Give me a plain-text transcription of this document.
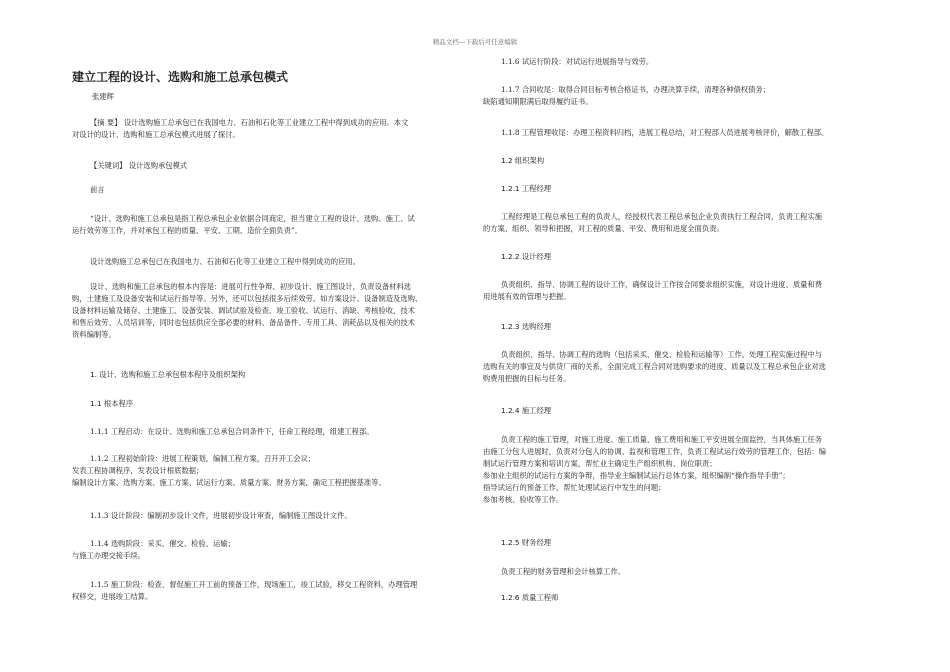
精品文档---下载后可任意编辑
建立工程的设计、选购和施工总承包模式
张建辉
【摘 要】 设计选购施工总承包已在我国电力、石油和石化等工业建立工程中得到成功的应用。本文
对设计的设计、选购和施工总承包模式进展了探讨。
【关键词】 设计选购承包模式
前言
“设计、选购和施工总承包是指工程总承包企业依据合同商定，担当建立工程的设计、选购、施工、试
运行效劳等工作，并对承包工程的质量、平安、工期、造价全面负责”。
设计选购施工总承包已在我国电力、石油和石化等工业建立工程中得到成功的应用。
设计、选购和施工总承包的根本内容是：进展可行性争辩、初步设计、施工图设计，负责设备材料选
购，土建施工及设备安装和试运行指导等。另外，还可以包括很多后续效劳。如方案设计、设备制造及选购、
设备材料运输及储存、土建施工、设备安装、调试试验及检查、竣工验收、试运行、消缺、考核验收、技术
和售后效劳、人员培训等，同时也包括供应全部必要的材料、备品备件、专用工具、消耗品以及相关的技术
资料编制等。
1. 设计、选购和施工总承包根本程序及组织架构
1.1 根本程序
1.1.1 工程启动：在设计、选购和施工总承包合同条件下，任命工程经理，组建工程部。
1.1.2 工程初始阶段：进展工程策划，编制工程方案，召开开工会议；
发表工程协调程序，发表设计根底数据；
编制设计方案、选购方案、施工方案、试运行方案、质量方案、财务方案，确定工程把握基准等。
1.1.3 设计阶段：编制初步设计文件，进展初步设计审查，编制施工图设计文件。
1.1.4 选购阶段：采买、催交、检验、运输；
与施工办理交接手续。
1.1.5 施工阶段：检查、督促施工开工前的预备工作，现场施工，竣工试验，移交工程资料，办理管理
权移交，进展竣工结算。
1.1.6 试运行阶段：对试运行进展指导与效劳。
1.1.7 合同收尾：取得合同目标考核合格证书，办理决算手续，清理各种债权债务；
缺陷通知期限满后取得履约证书。
1.1.8 工程管理收尾：办理工程资料归档，进展工程总结，对工程部人员进展考核评价，解散工程部。
1.2 组织架构
1.2.1 工程经理
工程经理是工程总承包工程的负责人，经授权代表工程总承包企业负责执行工程合同，负责工程实施
的方案、组织、领导和把握，对工程的质量、平安、费用和进度全面负责。
1.2.2 设计经理
负责组织、指导、协调工程的设计工作，确保设计工作按合同要求组织实施，对设计进度、质量和费
用进展有效的管理与把握。
1.2.3 选购经理
负责组织、指导、协调工程的选购（包括采买、催交、检验和运输等）工作，处理工程实施过程中与
选购有关的事宜及与供货厂商的关系，全面完成工程合同对选购要求的进度、质量以及工程总承包企业对选
购费用把握的目标与任务。
1.2.4 施工经理
负责工程的施工管理，对施工进度、施工质量、施工费用和施工平安进展全面监控，当具体施工任务
由施工分包人进展时，负责对分包人的协调、监视和管理工作，负责工程试运行效劳的管理工作，包括：编
制试运行管理方案和培训方案，帮忙业主确定生产组织机构、岗位职责；
参加业主组织的试运行方案的争辩，指导业主编制试运行总体方案，组织编制“操作指导手册”；
指导试运行的预备工作，帮忙处理试运行中发生的问题；
参加考核、验收等工作。
1.2.5 财务经理
负责工程的财务管理和会计核算工作。
1.2.6 质量工程师
